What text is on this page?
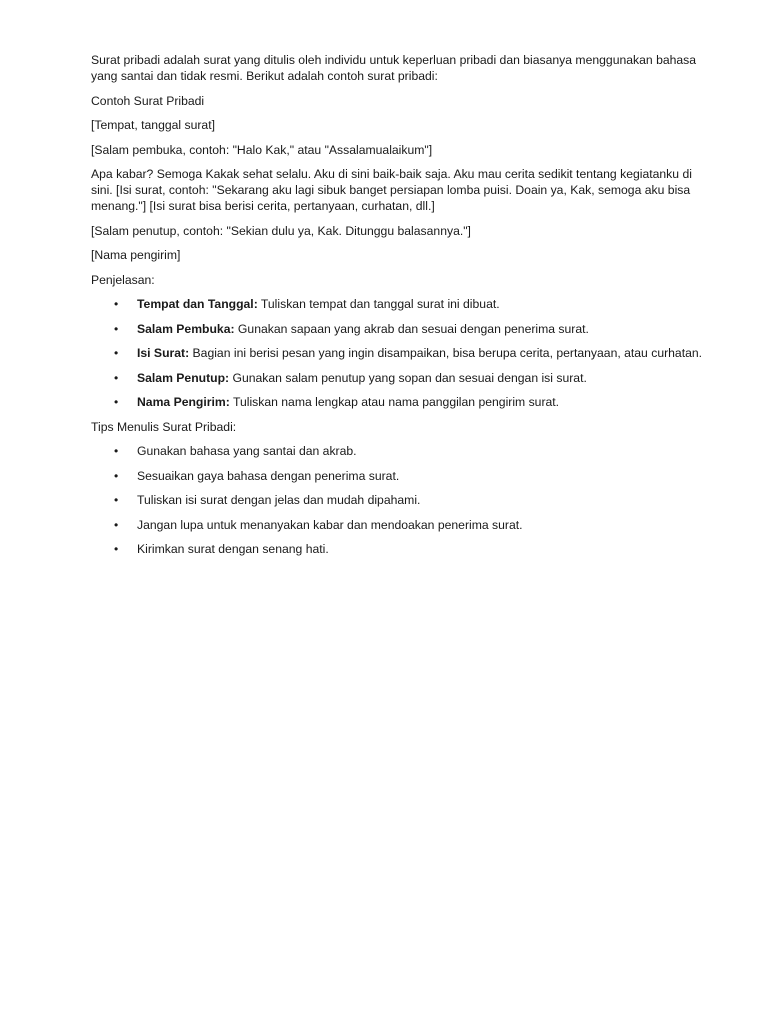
Surat pribadi adalah surat yang ditulis oleh individu untuk keperluan pribadi dan biasanya menggunakan bahasa yang santai dan tidak resmi. Berikut adalah contoh surat pribadi:

Contoh Surat Pribadi

[Tempat, tanggal surat]

[Salam pembuka, contoh: "Halo Kak," atau "Assalamualaikum"]

Apa kabar? Semoga Kakak sehat selalu. Aku di sini baik-baik saja. Aku mau cerita sedikit tentang kegiatanku di sini. [Isi surat, contoh: "Sekarang aku lagi sibuk banget persiapan lomba puisi. Doain ya, Kak, semoga aku bisa menang."] [Isi surat bisa berisi cerita, pertanyaan, curhatan, dll.]

[Salam penutup, contoh: "Sekian dulu ya, Kak. Ditunggu balasannya."]

[Nama pengirim]

Penjelasan:

• Tempat dan Tanggal: Tuliskan tempat dan tanggal surat ini dibuat.
• Salam Pembuka: Gunakan sapaan yang akrab dan sesuai dengan penerima surat.
• Isi Surat: Bagian ini berisi pesan yang ingin disampaikan, bisa berupa cerita, pertanyaan, atau curhatan.
• Salam Penutup: Gunakan salam penutup yang sopan dan sesuai dengan isi surat.
• Nama Pengirim: Tuliskan nama lengkap atau nama panggilan pengirim surat.

Tips Menulis Surat Pribadi:

• Gunakan bahasa yang santai dan akrab.
• Sesuaikan gaya bahasa dengan penerima surat.
• Tuliskan isi surat dengan jelas dan mudah dipahami.
• Jangan lupa untuk menanyakan kabar dan mendoakan penerima surat.
• Kirimkan surat dengan senang hati.
